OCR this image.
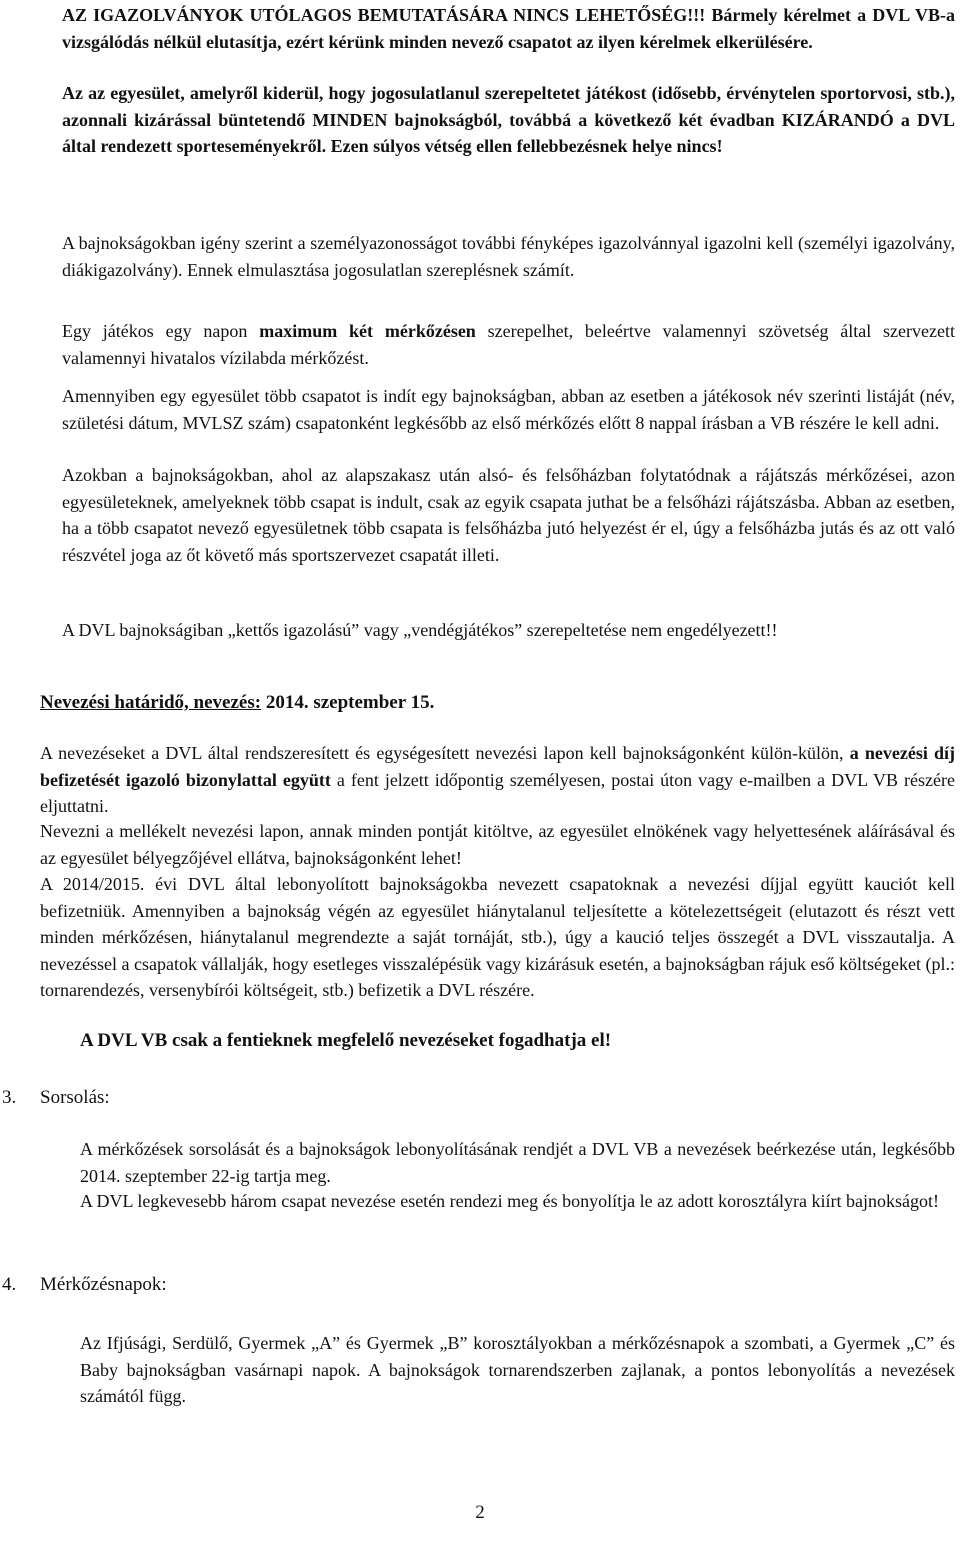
AZ IGAZOLVÁNYOK UTÓLAGOS BEMUTATÁSÁRA NINCS LEHETŐSÉG!!! Bármely kérelmet a DVL VB-a vizsgálódás nélkül elutasítja, ezért kérünk minden nevező csapatot az ilyen kérelmek elkerülésére.

Az az egyesület, amelyről kiderül, hogy jogosulatlanul szerepeltetet játékost (idősebb, érvénytelen sportorvosi, stb.), azonnali kizárással büntetendő MINDEN bajnokságból, továbbá a következő két évadban KIZÁRANDÓ a DVL által rendezett sporteseményekről. Ezen súlyos vétség ellen fellebbezésnek helye nincs!

A bajnokságokban igény szerint a személyazonosságot további fényképes igazolvánnyal igazolni kell (személyi igazolvány, diákigazolvány). Ennek elmulasztása jogosulatlan szereplésnek számít.

Egy játékos egy napon maximum két mérkőzésen szerepelhet, beleértve valamennyi szövetség által szervezett valamennyi hivatalos vízilabda mérkőzést.

Amennyiben egy egyesület több csapatot is indít egy bajnokságban, abban az esetben a játékosok név szerinti listáját (név, születési dátum, MVLSZ szám) csapatonként legkésőbb az első mérkőzés előtt 8 nappal írásban a VB részére le kell adni.

Azokban a bajnokságokban, ahol az alapszakasz után alsó- és felsőházban folytatódnak a rájátszás mérkőzései, azon egyesületeknek, amelyeknek több csapat is indult, csak az egyik csapata juthat be a felsőházi rájátszásba. Abban az esetben, ha a több csapatot nevező egyesületnek több csapata is felsőházba jutó helyezést ér el, úgy a felsőházba jutás és az ott való részvétel joga az őt követő más sportszervezet csapatát illeti.

A DVL bajnokságiban „kettős igazolású” vagy „vendégjátékos” szerepeltetése nem engedélyezett!!

Nevezési határidő, nevezés: 2014. szeptember 15.

A nevezéseket a DVL által rendszeresített és egységesített nevezési lapon kell bajnokságonként külön-külön, a nevezési díj befizetését igazoló bizonylattal együtt a fent jelzett időpontig személyesen, postai úton vagy e-mailben a DVL VB részére eljuttatni.

Nevezni a mellékelt nevezési lapon, annak minden pontját kitöltve, az egyesület elnökének vagy helyettesének aláírásával és az egyesület bélyegzőjével ellátva, bajnokságonként lehet!

A 2014/2015. évi DVL által lebonyolított bajnokságokba nevezett csapatoknak a nevezési díjjal együtt kauciót kell befizetniük. Amennyiben a bajnokság végén az egyesület hiánytalanul teljesítette a kötelezettségeit (elutazott és részt vett minden mérkőzésen, hiánytalanul megrendezte a saját tornáját, stb.), úgy a kaució teljes összegét a DVL visszautalja. A nevezéssel a csapatok vállalják, hogy esetleges visszalépésük vagy kizárásuk esetén, a bajnokságban rájuk eső költségeket (pl.: tornarendezés, versenybírói költségeit, stb.) befizetik a DVL részére.

A DVL VB csak a fentieknek megfelelő nevezéseket fogadhatja el!

3. Sorsolás:

A mérkőzések sorsolását és a bajnokságok lebonyolításának rendjét a DVL VB a nevezések beérkezése után, legkésőbb 2014. szeptember 22-ig tartja meg.

A DVL legkevesebb három csapat nevezése esetén rendezi meg és bonyolítja le az adott korosztályra kiírt bajnokságot!

4. Mérkőzésnapok:

Az Ifjúsági, Serdülő, Gyermek „A” és Gyermek „B” korosztályokban a mérkőzésnapok a szombati, a Gyermek „C” és Baby bajnokságban vasárnapi napok. A bajnokságok tornarendszerben zajlanak, a pontos lebonyolítás a nevezések számától függ.

2
